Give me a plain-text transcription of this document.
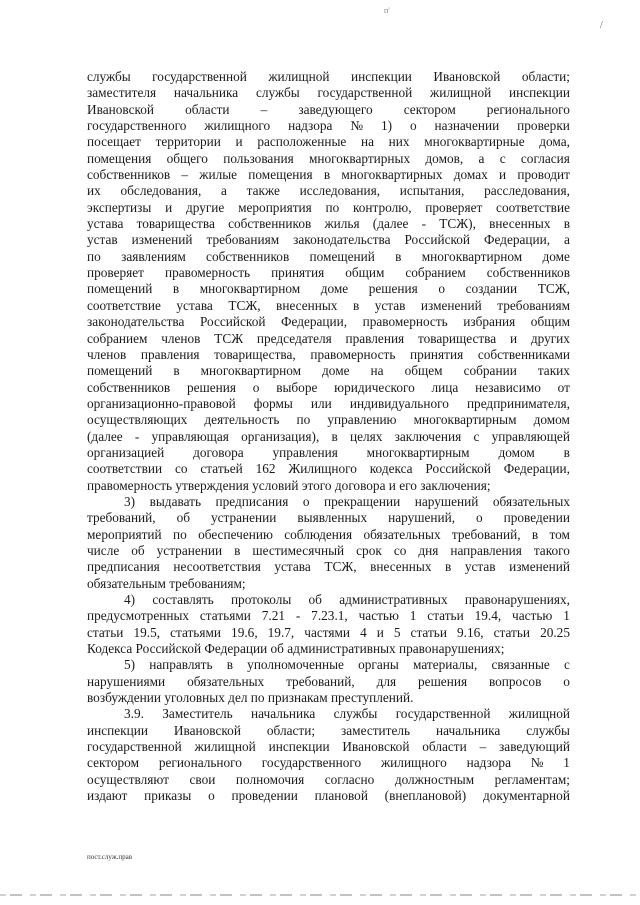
п'
/
службы государственной жилищной инспекции Ивановской области;
заместителя начальника службы государственной жилищной инспекции
Ивановской области – заведующего сектором регионального
государственного жилищного надзора № 1) о назначении проверки
посещает территории и расположенные на них многоквартирные дома,
помещения общего пользования многоквартирных домов, а с согласия
собственников – жилые помещения в многоквартирных домах и проводит
их обследования, а также исследования, испытания, расследования,
экспертизы и другие мероприятия по контролю, проверяет соответствие
устава товарищества собственников жилья (далее - ТСЖ), внесенных в
устав изменений требованиям законодательства Российской Федерации, а
по заявлениям собственников помещений в многоквартирном доме
проверяет правомерность принятия общим собранием собственников
помещений в многоквартирном доме решения о создании ТСЖ,
соответствие устава ТСЖ, внесенных в устав изменений требованиям
законодательства Российской Федерации, правомерность избрания общим
собранием членов ТСЖ председателя правления товарищества и других
членов правления товарищества, правомерность принятия собственниками
помещений в многоквартирном доме на общем собрании таких
собственников решения о выборе юридического лица независимо от
организационно-правовой формы или индивидуального предпринимателя,
осуществляющих деятельность по управлению многоквартирным домом
(далее - управляющая организация), в целях заключения с управляющей
организацией договора управления многоквартирным домом в
соответствии со статьей 162 Жилищного кодекса Российской Федерации,
правомерность утверждения условий этого договора и его заключения;
3) выдавать предписания о прекращении нарушений обязательных
требований, об устранении выявленных нарушений, о проведении
мероприятий по обеспечению соблюдения обязательных требований, в том
числе об устранении в шестимесячный срок со дня направления такого
предписания несоответствия устава ТСЖ, внесенных в устав изменений
обязательным требованиям;
4) составлять протоколы об административных правонарушениях,
предусмотренных статьями 7.21 - 7.23.1, частью 1 статьи 19.4, частью 1
статьи 19.5, статьями 19.6, 19.7, частями 4 и 5 статьи 9.16, статьи 20.25
Кодекса Российской Федерации об административных правонарушениях;
5) направлять в уполномоченные органы материалы, связанные с
нарушениями обязательных требований, для решения вопросов о
возбуждении уголовных дел по признакам преступлений.
3.9. Заместитель начальника службы государственной жилищной
инспекции Ивановской области; заместитель начальника службы
государственной жилищной инспекции Ивановской области – заведующий
сектором регионального государственного жилищного надзора № 1
осуществляют свои полномочия согласно должностным регламентам;
издают приказы о проведении плановой (внеплановой) документарной
пост.служ.прав
